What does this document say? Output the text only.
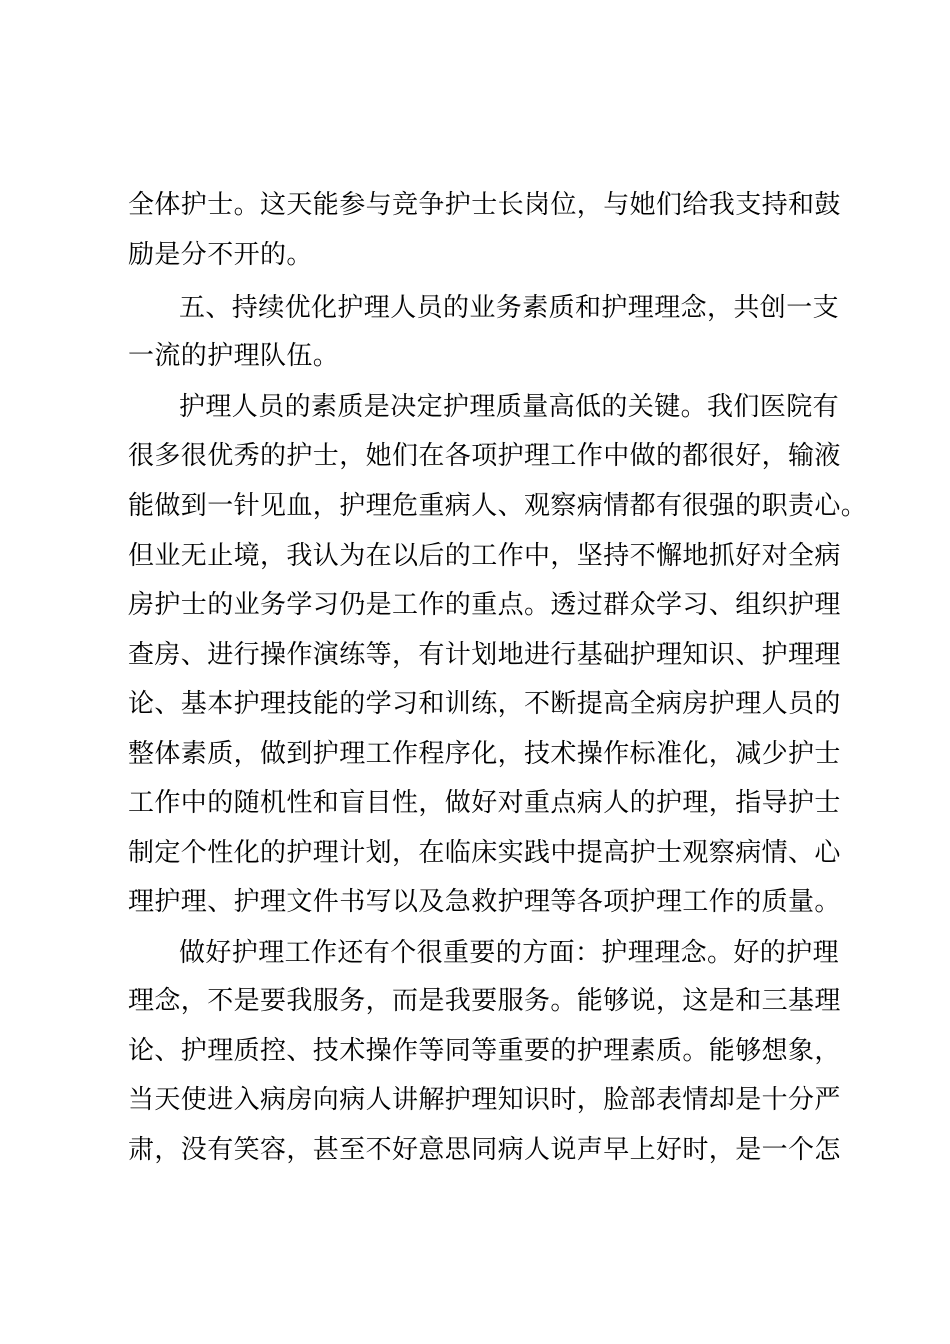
全体护士。这天能参与竞争护士长岗位，与她们给我支持和鼓
励是分不开的。
五、持续优化护理人员的业务素质和护理理念，共创一支
一流的护理队伍。
护理人员的素质是决定护理质量高低的关键。我们医院有
很多很优秀的护士，她们在各项护理工作中做的都很好，输液
能做到一针见血，护理危重病人、观察病情都有很强的职责心。
但业无止境，我认为在以后的工作中，坚持不懈地抓好对全病
房护士的业务学习仍是工作的重点。透过群众学习、组织护理
查房、进行操作演练等，有计划地进行基础护理知识、护理理
论、基本护理技能的学习和训练，不断提高全病房护理人员的
整体素质，做到护理工作程序化，技术操作标准化，减少护士
工作中的随机性和盲目性，做好对重点病人的护理，指导护士
制定个性化的护理计划，在临床实践中提高护士观察病情、心
理护理、护理文件书写以及急救护理等各项护理工作的质量。
做好护理工作还有个很重要的方面：护理理念。好的护理
理念，不是要我服务，而是我要服务。能够说，这是和三基理
论、护理质控、技术操作等同等重要的护理素质。能够想象，
当天使进入病房向病人讲解护理知识时，脸部表情却是十分严
肃，没有笑容，甚至不好意思同病人说声早上好时，是一个怎
